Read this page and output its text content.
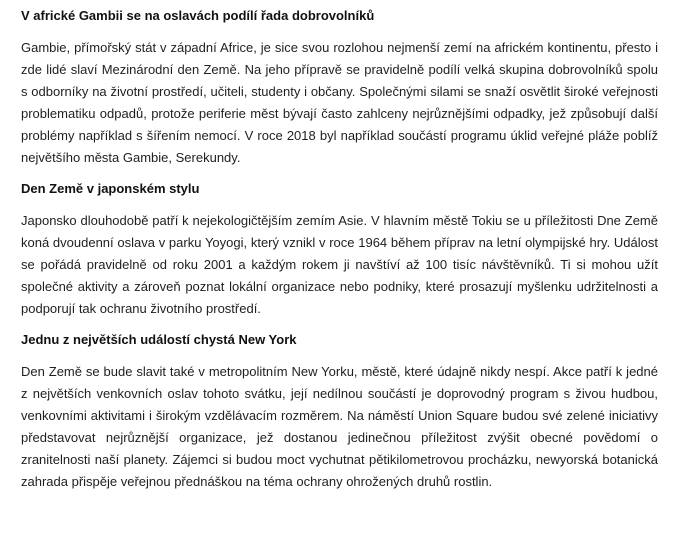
V africké Gambii se na oslavách podílí řada dobrovolníků

Gambie, přímořský stát v západní Africe, je sice svou rozlohou nejmenší zemí na africkém kontinentu, přesto i zde lidé slaví Mezinárodní den Země. Na jeho přípravě se pravidelně podílí velká skupina dobrovolníků spolu s odborníky na životní prostředí, učiteli, studenty i občany. Společnými silami se snaží osvětlit široké veřejnosti problematiku odpadů, protože periferie měst bývají často zahlceny nejrůznějšími odpadky, jež způsobují další problémy například s šířením nemocí. V roce 2018 byl například součástí programu úklid veřejné pláže poblíž největšího města Gambie, Serekundy.

Den Země v japonském stylu

Japonsko dlouhodobě patří k nejekologičtějším zemím Asie. V hlavním městě Tokiu se u příležitosti Dne Země koná dvoudenní oslava v parku Yoyogi, který vznikl v roce 1964 během příprav na letní olympijské hry. Událost se pořádá pravidelně od roku 2001 a každým rokem ji navštíví až 100 tisíc návštěvníků. Ti si mohou užít společné aktivity a zároveň poznat lokální organizace nebo podniky, které prosazují myšlenku udržitelnosti a podporují tak ochranu životního prostředí.

Jednu z největších událostí chystá New York

Den Země se bude slavit také v metropolitním New Yorku, městě, které údajně nikdy nespí. Akce patří k jedné z největších venkovních oslav tohoto svátku, její nedílnou součástí je doprovodný program s živou hudbou, venkovními aktivitami i širokým vzdělávacím rozměrem. Na náměstí Union Square budou své zelené iniciativy představovat nejrůznější organizace, jež dostanou jedinečnou příležitost zvýšit obecné povědomí o zranitelnosti naší planety. Zájemci si budou moct vychutnat pětikilometrovou procházku, newyorská botanická zahrada přispěje veřejnou přednáškou na téma ochrany ohrožených druhů rostlin.
